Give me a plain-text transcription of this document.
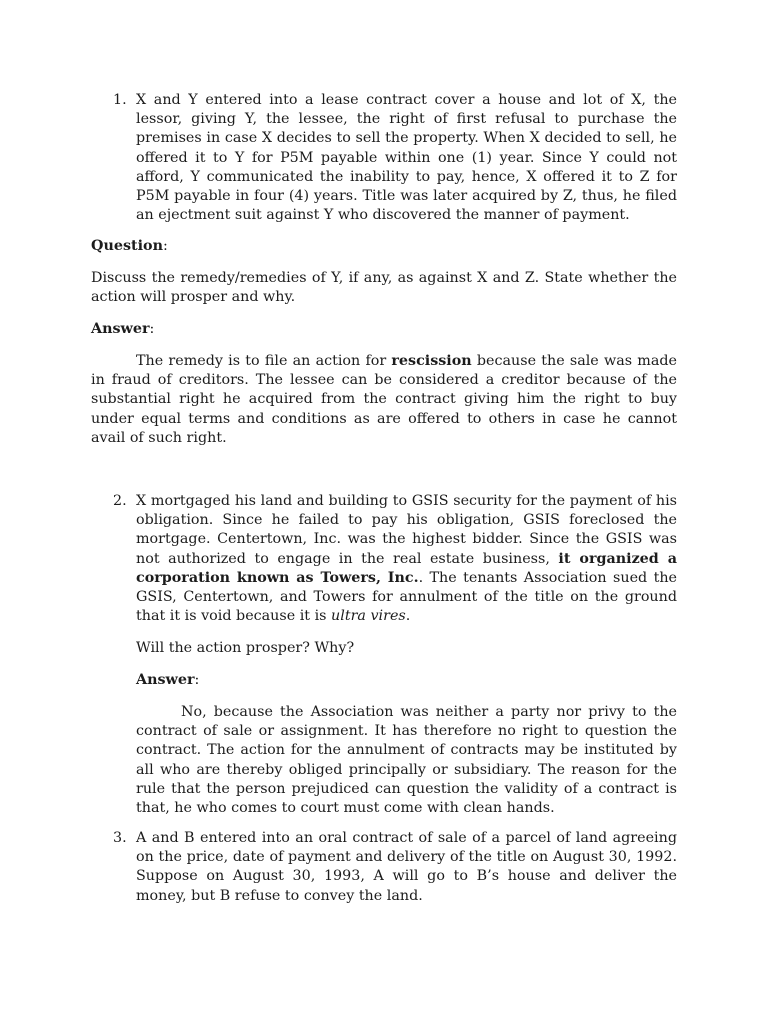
1. X and Y entered into a lease contract cover a house and lot of X, the lessor, giving Y, the lessee, the right of first refusal to purchase the premises in case X decides to sell the property. When X decided to sell, he offered it to Y for P5M payable within one (1) year. Since Y could not afford, Y communicated the inability to pay, hence, X offered it to Z for P5M payable in four (4) years. Title was later acquired by Z, thus, he filed an ejectment suit against Y who discovered the manner of payment.

Question:

Discuss the remedy/remedies of Y, if any, as against X and Z. State whether the action will prosper and why.

Answer:

The remedy is to file an action for rescission because the sale was made in fraud of creditors. The lessee can be considered a creditor because of the substantial right he acquired from the contract giving him the right to buy under equal terms and conditions as are offered to others in case he cannot avail of such right.

2. X mortgaged his land and building to GSIS security for the payment of his obligation. Since he failed to pay his obligation, GSIS foreclosed the mortgage. Centertown, Inc. was the highest bidder. Since the GSIS was not authorized to engage in the real estate business, it organized a corporation known as Towers, Inc.. The tenants Association sued the GSIS, Centertown, and Towers for annulment of the title on the ground that it is void because it is ultra vires.

Will the action prosper? Why?

Answer:

No, because the Association was neither a party nor privy to the contract of sale or assignment. It has therefore no right to question the contract. The action for the annulment of contracts may be instituted by all who are thereby obliged principally or subsidiary. The reason for the rule that the person prejudiced can question the validity of a contract is that, he who comes to court must come with clean hands.

3. A and B entered into an oral contract of sale of a parcel of land agreeing on the price, date of payment and delivery of the title on August 30, 1992. Suppose on August 30, 1993, A will go to B’s house and deliver the money, but B refuse to convey the land.
